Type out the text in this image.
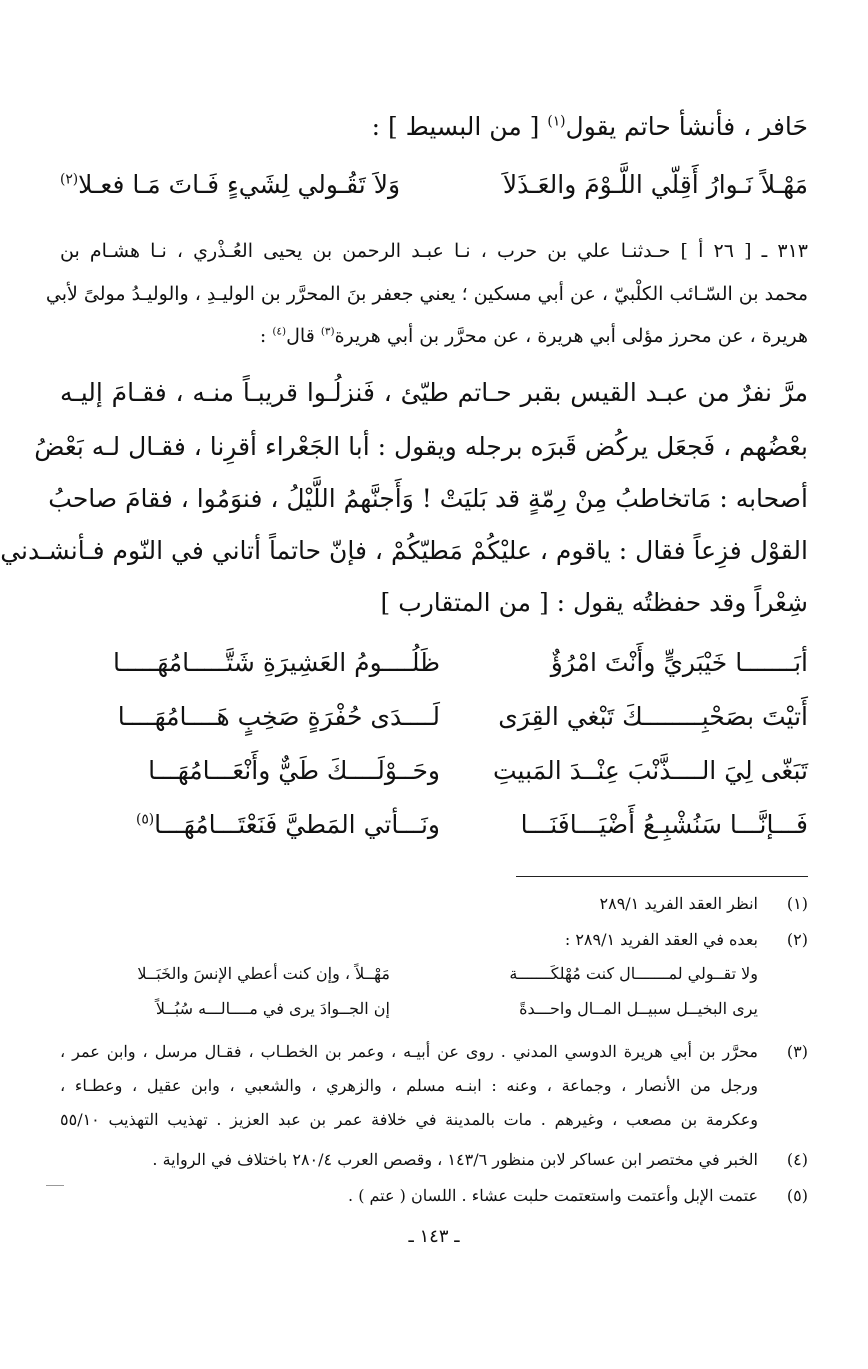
حَافر ، فأنشأ حاتم يقول$^{(١)}$ [ من البسيط ] :
مَهْـلاً نَـوارُ أَقِلّي اللَّـوْمَ والعَـذَلاَ
وَلاَ تَقُـولي لِشَيءٍ فَـاتَ مَـا فعـلا$^{(٢)}$
٣١٣ ـ [ ٢٦ أ ] حـدثنـا علي بن حرب ، نـا عبـد الرحمن بن يحيى العُـذْري ، نـا هشـام بن
محمد بن السّـائب الكلْبيّ ، عن أبي مسكين ؛ يعني جعفر بنَ المحرَّر بن الوليـدِ ، والوليـدُ مولىً لأبي
هريرة ، عن محرز مؤلى أبي هريرة ، عن محرَّر بن أبي هريرة$^{(٣)}$ قال$^{(٤)}$ :
مرَّ نفرٌ من عبـد القيس بقبر حـاتم طيّئ ، فَنزلُـوا قريبـاً منـه ، فقـامَ إليـه
بعْضُهم ، فَجعَل يركُض قَبرَه برجله ويقول : أبا الجَعْراء أقرِنا ، فقـال لـه بَعْضُ
أصحابه : مَاتخاطبُ مِنْ رِمّةٍ قد بَليَتْ ! وَأَجنَّهمُ اللَّيْلُ ، فنوَمُوا ، فقامَ صاحبُ
القوْل فزِعاً فقال : ياقوم ، عليْكُمْ مَطيّكُمْ ، فإنّ حاتماً أتاني في النّوم فـأنشـدني
شِعْراً وقد حفظتُه يقول : [ من المتقارب ]
أبَـــــــا خَيْبَريٍّ وأَنْتَ امْرُؤٌ
ظَلُــــومُ العَشِيرَةِ شَتَّـــــامُهَـــــا
أَتيْتَ بصَحْبِــــــــكَ تَبْغي القِرَى
لَــــدَى حُفْرَةٍ صَخِبٍ هَــــامُهَــــا
تَبَغّى لِيَ الــــذَّنْبَ عِنْــدَ المَبيتِ
وحَــوْلَــــكَ طَيٌّ وأَنْعَـــامُهَـــا
فَـــإنَّـــا سَنُشْبِـعُ أَضْيَـــافَنَـــا
ونَـــأتي المَطيَّ فَنَعْتَـــامُهَـــا$^{(٥)}$
(١)
انظر العقد الفريد ٢٨٩/١
(٢)
بعده في العقد الفريد ٢٨٩/١ :
ولا تقــولي لمـــــــال كنت مُهْلكَـــــــة
مَهْــلاً ، وإن كنت أعطي الإنسَ والخَبَــلا
يرى البخيــل سبيــل المــال واحـــدةً
إن الجــوادَ يرى في مــــالـــه سُبُــلاً
(٣)
محرَّر بن أبي هريرة الدوسي المدني . روى عن أبيـه ، وعمر بن الخطـاب ، فقـال مرسل ، وابن عمر ،
ورجل من الأنصار ، وجماعة ، وعنه : ابنـه مسلم ، والزهري ، والشعبي ، وابن عقيل ، وعطـاء ،
وعكرمة بن مصعب ، وغيرهم . مات بالمدينة في خلافة عمر بن عبد العزيز . تهذيب التهذيب ٥٥/١٠
(٤)
الخبر في مختصر ابن عساكر لابن منظور ١٤٣/٦ ، وقصص العرب ٢٨٠/٤ باختلاف في الرواية .
(٥)
عتمت الإبل وأعتمت واستعتمت حلبت عشاء . اللسان ( عتم ) .
ـ ١٤٣ ـ
